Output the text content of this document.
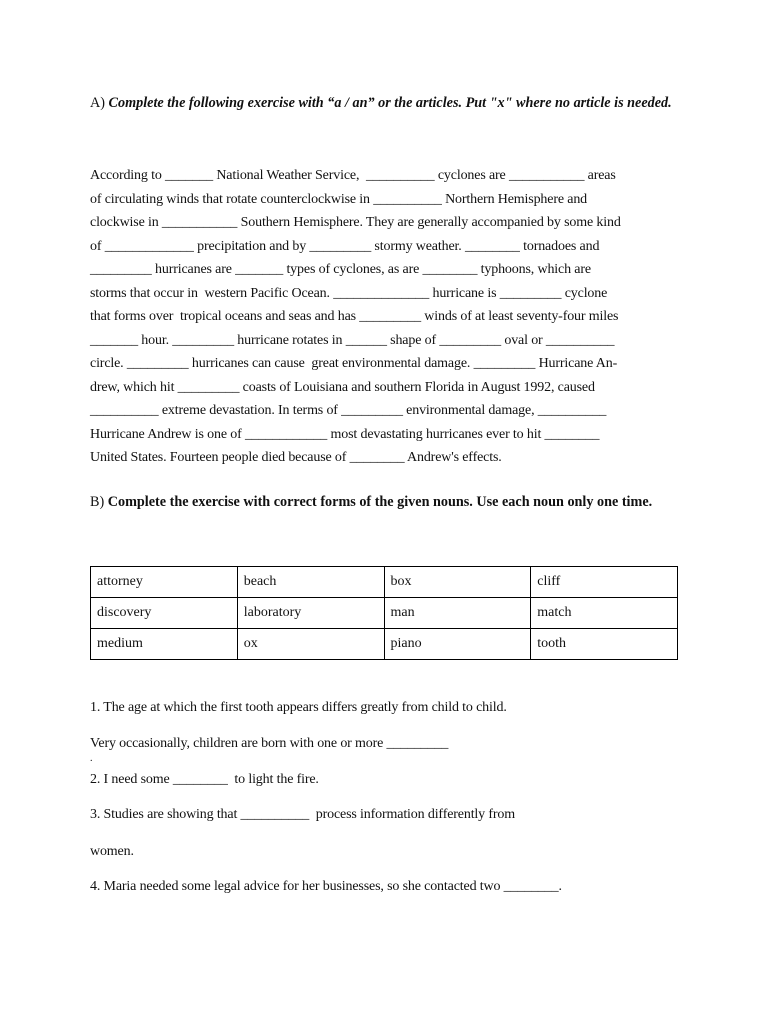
A) Complete the following exercise with “a / an” or the articles. Put "x" where no article is needed.
According to _______ National Weather Service,  __________ cyclones are ___________ areas
of circulating winds that rotate counterclockwise in __________ Northern Hemisphere and
clockwise in ___________ Southern Hemisphere. They are generally accompanied by some kind
of _____________ precipitation and by _________ stormy weather. ________ tornadoes and
_________ hurricanes are _______ types of cyclones, as are ________ typhoons, which are
storms that occur in  western Pacific Ocean. ______________ hurricane is _________ cyclone
that forms over  tropical oceans and seas and has _________ winds of at least seventy-four miles
_______ hour. _________ hurricane rotates in ______ shape of _________ oval or __________
circle. _________ hurricanes can cause  great environmental damage. _________ Hurricane An-
drew, which hit _________ coasts of Louisiana and southern Florida in August 1992, caused
__________ extreme devastation. In terms of _________ environmental damage, __________
Hurricane Andrew is one of ____________ most devastating hurricanes ever to hit ________
United States. Fourteen people died because of ________ Andrew's effects.
B) Complete the exercise with correct forms of the given nouns. Use each noun only one time.
attorney	beach	box	cliff
discovery	laboratory	man	match
medium	ox	piano	tooth
1. The age at which the first tooth appears differs greatly from child to child.
Very occasionally, children are born with one or more _________
.
2. I need some ________  to light the fire.
3. Studies are showing that __________  process information differently from
women.
4. Maria needed some legal advice for her businesses, so she contacted two ________.
